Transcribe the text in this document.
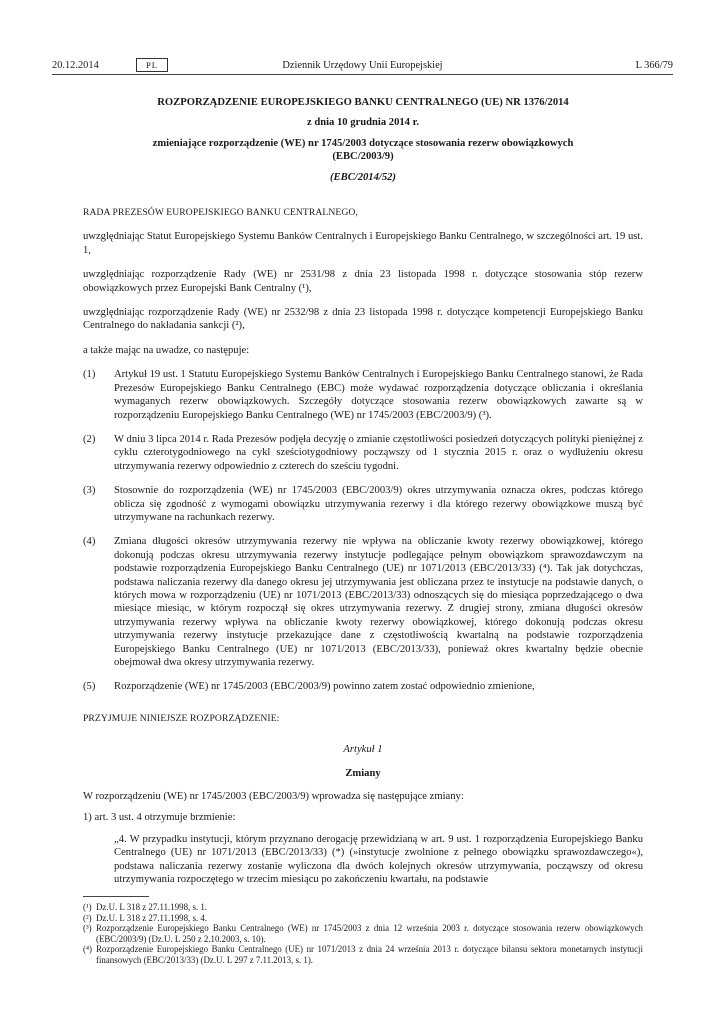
20.12.2014	PL	Dziennik Urzędowy Unii Europejskiej	L 366/79
ROZPORZĄDZENIE EUROPEJSKIEGO BANKU CENTRALNEGO (UE) NR 1376/2014
z dnia 10 grudnia 2014 r.
zmieniające rozporządzenie (WE) nr 1745/2003 dotyczące stosowania rezerw obowiązkowych (EBC/2003/9)
(EBC/2014/52)
RADA PREZESÓW EUROPEJSKIEGO BANKU CENTRALNEGO,
uwzględniając Statut Europejskiego Systemu Banków Centralnych i Europejskiego Banku Centralnego, w szczególności art. 19 ust. 1,
uwzględniając rozporządzenie Rady (WE) nr 2531/98 z dnia 23 listopada 1998 r. dotyczące stosowania stóp rezerw obowiązkowych przez Europejski Bank Centralny (¹),
uwzględniając rozporządzenie Rady (WE) nr 2532/98 z dnia 23 listopada 1998 r. dotyczące kompetencji Europejskiego Banku Centralnego do nakładania sankcji (²),
a także mając na uwadze, co następuje:
(1)	Artykuł 19 ust. 1 Statutu Europejskiego Systemu Banków Centralnych i Europejskiego Banku Centralnego stanowi, że Rada Prezesów Europejskiego Banku Centralnego (EBC) może wydawać rozporządzenia dotyczące obliczania i określania wymaganych rezerw obowiązkowych. Szczegóły dotyczące stosowania rezerw obowiązkowych zawarte są w rozporządzeniu Europejskiego Banku Centralnego (WE) nr 1745/2003 (EBC/2003/9) (³).
(2)	W dniu 3 lipca 2014 r. Rada Prezesów podjęła decyzję o zmianie częstotliwości posiedzeń dotyczących polityki pieniężnej z cyklu czterotygodniowego na cykl sześciotygodniowy począwszy od 1 stycznia 2015 r. oraz o wydłużeniu okresu utrzymywania rezerwy odpowiednio z czterech do sześciu tygodni.
(3)	Stosownie do rozporządzenia (WE) nr 1745/2003 (EBC/2003/9) okres utrzymywania oznacza okres, podczas którego oblicza się zgodność z wymogami obowiązku utrzymywania rezerwy i dla którego rezerwy obowiązkowe muszą być utrzymywane na rachunkach rezerwy.
(4)	Zmiana długości okresów utrzymywania rezerwy nie wpływa na obliczanie kwoty rezerwy obowiązkowej, którego dokonują podczas okresu utrzymywania rezerwy instytucje podlegające pełnym obowiązkom sprawozdawczym na podstawie rozporządzenia Europejskiego Banku Centralnego (UE) nr 1071/2013 (EBC/2013/33) (⁴). Tak jak dotychczas, podstawa naliczania rezerwy dla danego okresu jej utrzymywania jest obliczana przez te instytucje na podstawie danych, o których mowa w rozporządzeniu (UE) nr 1071/2013 (EBC/2013/33) odnoszących się do miesiąca poprzedzającego o dwa miesiące miesiąc, w którym rozpoczął się okres utrzymywania rezerwy. Z drugiej strony, zmiana długości okresów utrzymywania rezerwy wpływa na obliczanie kwoty rezerwy obowiązkowej, którego dokonują podczas okresu utrzymywania rezerwy instytucje przekazujące dane z częstotliwością kwartalną na podstawie rozporządzenia Europejskiego Banku Centralnego (UE) nr 1071/2013 (EBC/2013/33), ponieważ okres kwartalny będzie obecnie obejmował dwa okresy utrzymywania rezerwy.
(5)	Rozporządzenie (WE) nr 1745/2003 (EBC/2003/9) powinno zatem zostać odpowiednio zmienione,
PRZYJMUJE NINIEJSZE ROZPORZĄDZENIE:
Artykuł 1
Zmiany
W rozporządzeniu (WE) nr 1745/2003 (EBC/2003/9) wprowadza się następujące zmiany:
1) art. 3 ust. 4 otrzymuje brzmienie:
„4. W przypadku instytucji, którym przyznano derogację przewidzianą w art. 9 ust. 1 rozporządzenia Europejskiego Banku Centralnego (UE) nr 1071/2013 (EBC/2013/33) (*) (»instytucje zwolnione z pełnego obowiązku sprawozdawczego«), podstawa naliczania rezerwy zostanie wyliczona dla dwóch kolejnych okresów utrzymywania, począwszy od okresu utrzymywania rozpoczętego w trzecim miesiącu po zakończeniu kwartału, na podstawie
(¹) Dz.U. L 318 z 27.11.1998, s. 1.
(²) Dz.U. L 318 z 27.11.1998, s. 4.
(³) Rozporządzenie Europejskiego Banku Centralnego (WE) nr 1745/2003 z dnia 12 września 2003 r. dotyczące stosowania rezerw obowiązkowych (EBC/2003/9) (Dz.U. L 250 z 2.10.2003, s. 10).
(⁴) Rozporządzenie Europejskiego Banku Centralnego (UE) nr 1071/2013 z dnia 24 września 2013 r. dotyczące bilansu sektora monetarnych instytucji finansowych (EBC/2013/33) (Dz.U. L 297 z 7.11.2013, s. 1).
